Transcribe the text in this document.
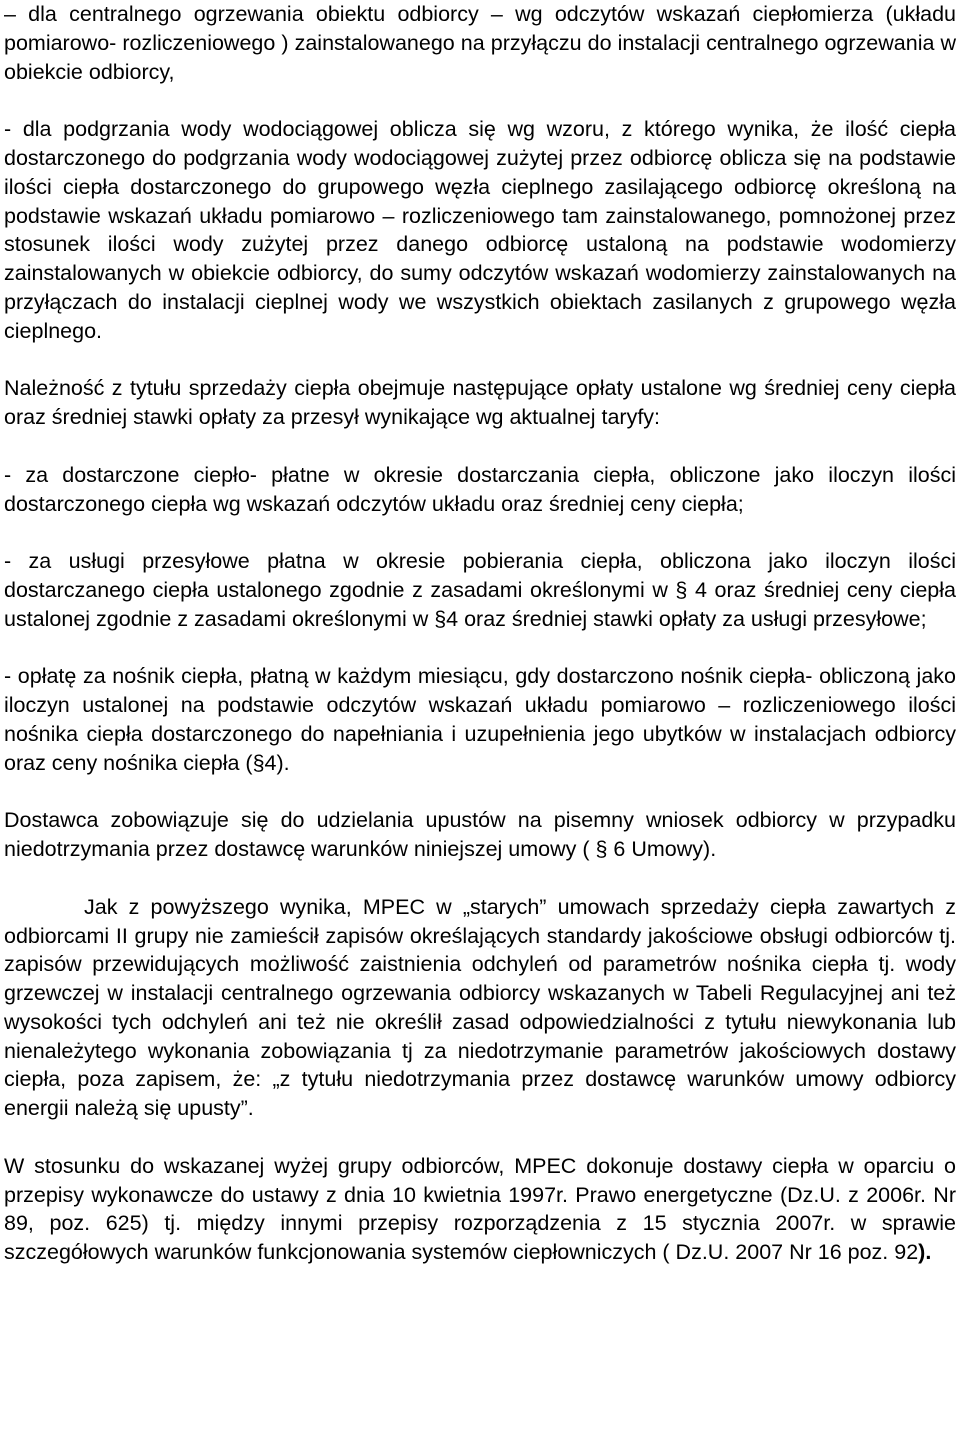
– dla centralnego ogrzewania obiektu odbiorcy – wg odczytów wskazań ciepłomierza (układu pomiarowo- rozliczeniowego ) zainstalowanego na przyłączu do instalacji centralnego ogrzewania w obiekcie odbiorcy,

- dla podgrzania wody wodociągowej oblicza się wg wzoru, z którego wynika, że ilość ciepła dostarczonego do podgrzania wody wodociągowej zużytej przez odbiorcę oblicza się na podstawie ilości ciepła dostarczonego do grupowego węzła cieplnego zasilającego odbiorcę określoną na podstawie wskazań układu pomiarowo – rozliczeniowego tam zainstalowanego, pomnożonej przez stosunek ilości wody zużytej przez danego odbiorcę ustaloną na podstawie wodomierzy zainstalowanych w obiekcie odbiorcy, do sumy odczytów wskazań wodomierzy zainstalowanych na przyłączach do instalacji cieplnej wody we wszystkich obiektach zasilanych z grupowego węzła cieplnego.

Należność z tytułu sprzedaży ciepła obejmuje następujące opłaty ustalone wg średniej ceny ciepła oraz średniej stawki opłaty za przesył wynikające wg aktualnej taryfy:

- za dostarczone ciepło- płatne w okresie dostarczania ciepła, obliczone jako iloczyn ilości dostarczonego ciepła wg wskazań odczytów układu oraz średniej ceny ciepła;

- za usługi przesyłowe płatna w okresie pobierania ciepła, obliczona jako iloczyn ilości dostarczanego ciepła ustalonego zgodnie z zasadami określonymi w § 4 oraz średniej ceny ciepła ustalonej zgodnie z zasadami określonymi w §4 oraz średniej stawki opłaty za usługi przesyłowe;

- opłatę za nośnik ciepła, płatną w każdym miesiącu, gdy dostarczono nośnik ciepła- obliczoną jako iloczyn ustalonej na podstawie odczytów wskazań układu pomiarowo – rozliczeniowego ilości nośnika ciepła dostarczonego do napełniania i uzupełnienia jego ubytków w instalacjach odbiorcy oraz ceny nośnika ciepła (§4).

Dostawca zobowiązuje się do udzielania upustów na pisemny wniosek odbiorcy w przypadku niedotrzymania przez dostawcę warunków niniejszej umowy ( § 6 Umowy).

Jak z powyższego wynika, MPEC w „starych” umowach sprzedaży ciepła zawartych z odbiorcami II grupy nie zamieścił zapisów określających standardy jakościowe obsługi odbiorców tj. zapisów przewidujących możliwość zaistnienia odchyleń od parametrów nośnika ciepła tj. wody grzewczej w instalacji centralnego ogrzewania odbiorcy wskazanych w Tabeli Regulacyjnej ani też wysokości tych odchyleń ani też nie określił zasad odpowiedzialności z tytułu niewykonania lub nienależytego wykonania zobowiązania tj za niedotrzymanie parametrów jakościowych dostawy ciepła, poza zapisem, że: „z tytułu niedotrzymania przez dostawcę warunków umowy odbiorcy energii należą się upusty”.

W stosunku do wskazanej wyżej grupy odbiorców, MPEC dokonuje dostawy ciepła w oparciu o przepisy wykonawcze do ustawy z dnia 10 kwietnia 1997r. Prawo energetyczne (Dz.U. z 2006r. Nr 89, poz. 625) tj. między innymi przepisy rozporządzenia z 15 stycznia 2007r. w sprawie szczegółowych warunków funkcjonowania systemów ciepłowniczych ( Dz.U. 2007 Nr 16 poz. 92).
